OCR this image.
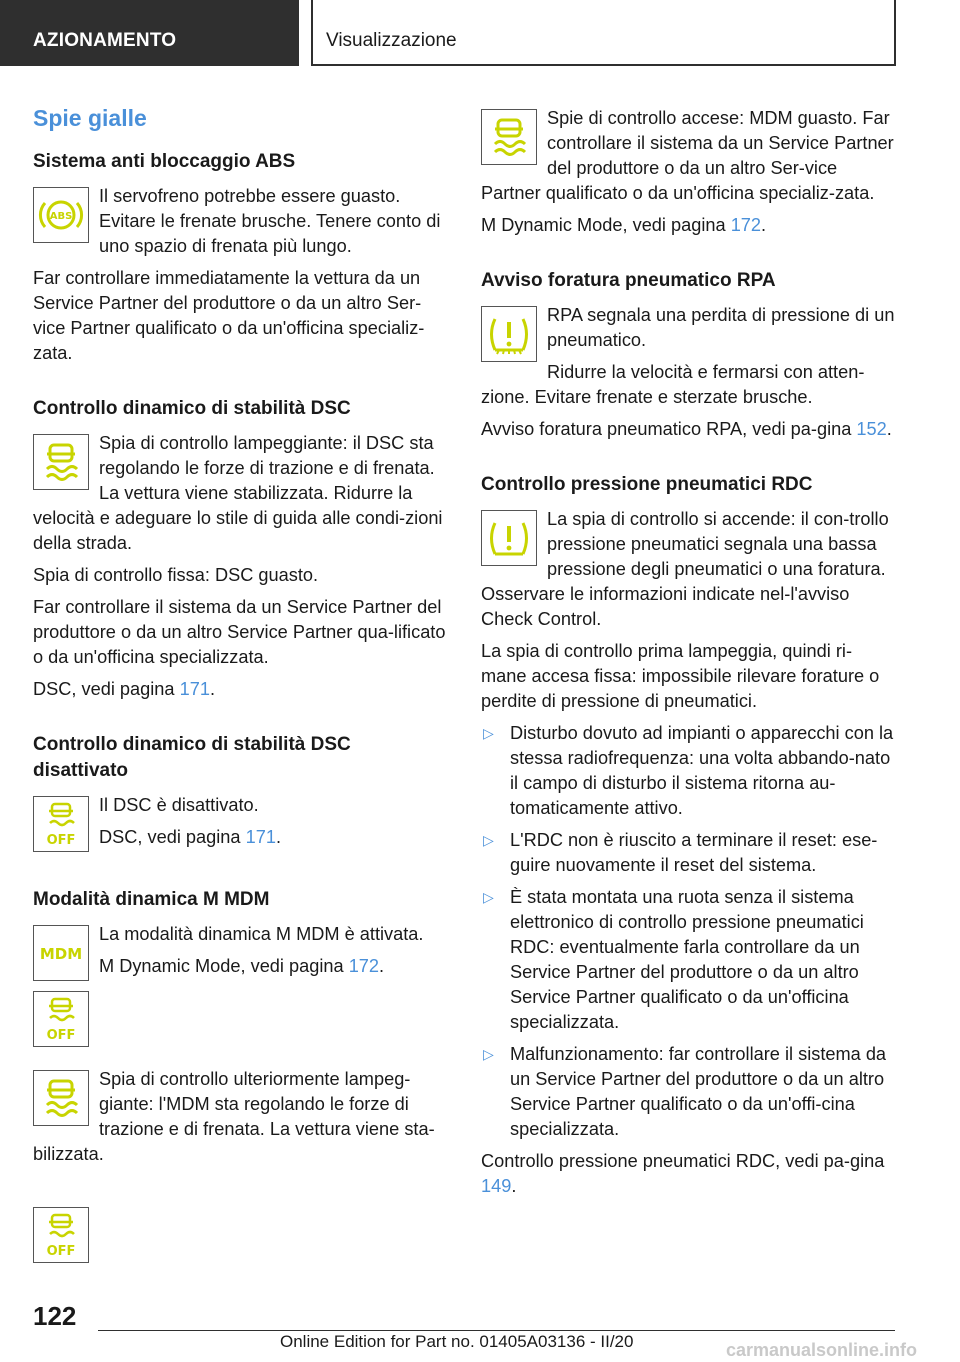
AZIONAMENTO	Visualizzazione
Spie gialle
Sistema anti bloccaggio ABS
ABS
Il servofreno potrebbe essere guasto. Evitare le frenate brusche. Tenere conto di uno spazio di frenata più lungo.
Far controllare immediatamente la vettura da un Service Partner del produttore o da un altro Ser-vice Partner qualificato o da un'officina specializ-zata.
Controllo dinamico di stabilità DSC
Spia di controllo lampeggiante: il DSC sta regolando le forze di trazione e di frenata. La vettura viene stabilizzata. Ridurre la velocità e adeguare lo stile di guida alle condi-zioni della strada.
Spia di controllo fissa: DSC guasto.
Far controllare il sistema da un Service Partner del produttore o da un altro Service Partner qua-lificato o da un'officina specializzata.
DSC, vedi pagina 171.
Controllo dinamico di stabilità DSC disattivato
OFF
Il DSC è disattivato.
DSC, vedi pagina 171.
Modalità dinamica M MDM
MDM
La modalità dinamica M MDM è attivata.
M Dynamic Mode, vedi pagina 172.
OFF
Spia di controllo ulteriormente lampeg-giante: l'MDM sta regolando le forze di trazione e di frenata. La vettura viene sta-bilizzata.
OFF
Spie di controllo accese: MDM guasto. Far controllare il sistema da un Service Partner del produttore o da un altro Ser-vice Partner qualificato o da un'officina specializ-zata.
M Dynamic Mode, vedi pagina 172.
Avviso foratura pneumatico RPA
RPA segnala una perdita di pressione di un pneumatico.
Ridurre la velocità e fermarsi con atten-zione. Evitare frenate e sterzate brusche.
Avviso foratura pneumatico RPA, vedi pa-gina 152.
Controllo pressione pneumatici RDC
La spia di controllo si accende: il con-trollo pressione pneumatici segnala una bassa pressione degli pneumatici o una foratura. Osservare le informazioni indicate nel-l'avviso Check Control.
La spia di controllo prima lampeggia, quindi ri-mane accesa fissa: impossibile rilevare forature o perdite di pressione di pneumatici.
▷ Disturbo dovuto ad impianti o apparecchi con la stessa radiofrequenza: una volta abbando-nato il campo di disturbo il sistema ritorna au-tomaticamente attivo.
▷ L'RDC non è riuscito a terminare il reset: ese-guire nuovamente il reset del sistema.
▷ È stata montata una ruota senza il sistema elettronico di controllo pressione pneumatici RDC: eventualmente farla controllare da un Service Partner del produttore o da un altro Service Partner qualificato o da un'officina specializzata.
▷ Malfunzionamento: far controllare il sistema da un Service Partner del produttore o da un altro Service Partner qualificato o da un'offi-cina specializzata.
Controllo pressione pneumatici RDC, vedi pa-gina 149.
122
Online Edition for Part no. 01405A03136 - II/20	carmanualsonline.info
